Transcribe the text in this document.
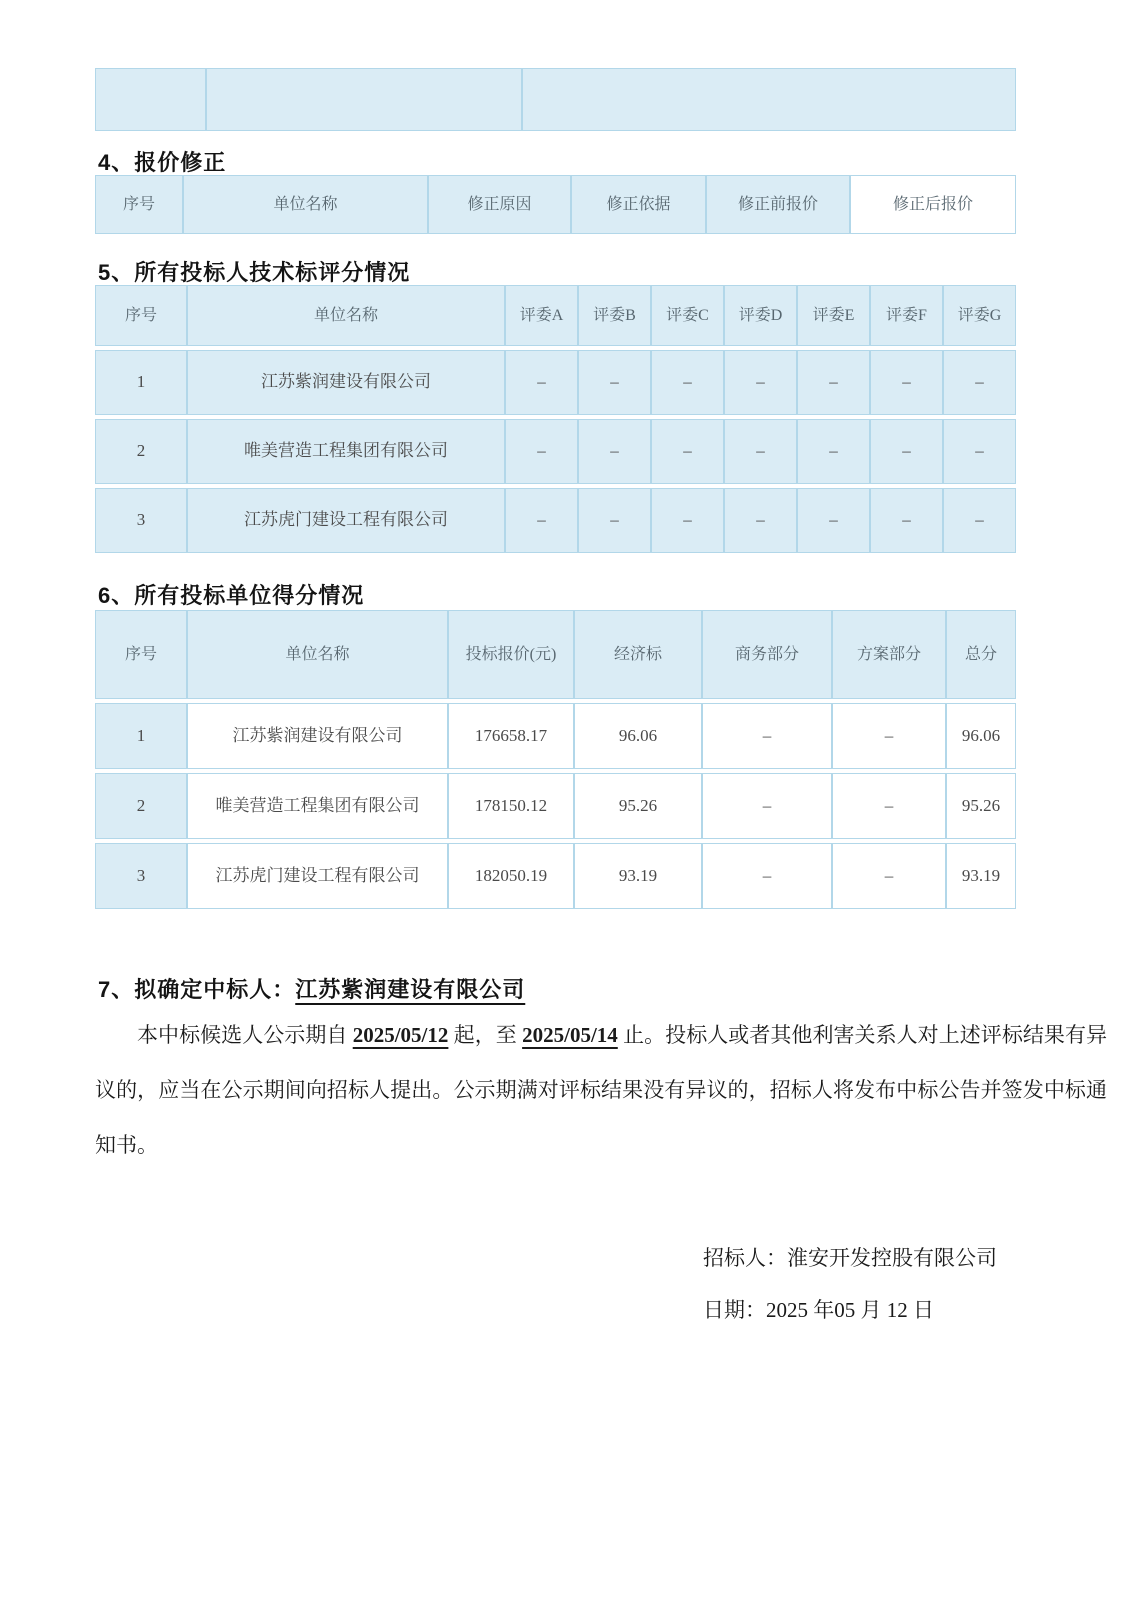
4、报价修正
序号	单位名称	修正原因	修正依据	修正前报价	修正后报价
5、所有投标人技术标评分情况
序号	单位名称	评委A	评委B	评委C	评委D	评委E	评委F	评委G
1	江苏紫润建设有限公司	–	–	–	–	–	–	–
2	唯美营造工程集团有限公司	–	–	–	–	–	–	–
3	江苏虎门建设工程有限公司	–	–	–	–	–	–	–
6、所有投标单位得分情况
序号	单位名称	投标报价(元)	经济标	商务部分	方案部分	总分
1	江苏紫润建设有限公司	176658.17	96.06	–	–	96.06
2	唯美营造工程集团有限公司	178150.12	95.26	–	–	95.26
3	江苏虎门建设工程有限公司	182050.19	93.19	–	–	93.19
7、拟确定中标人：江苏紫润建设有限公司
本中标候选人公示期自 2025/05/12 起，至 2025/05/14 止。投标人或者其他利害关系人对上述评标结果有异议的，应当在公示期间向招标人提出。公示期满对评标结果没有异议的，招标人将发布中标公告并签发中标通知书。
招标人：淮安开发控股有限公司
日期：2025 年05 月 12 日
